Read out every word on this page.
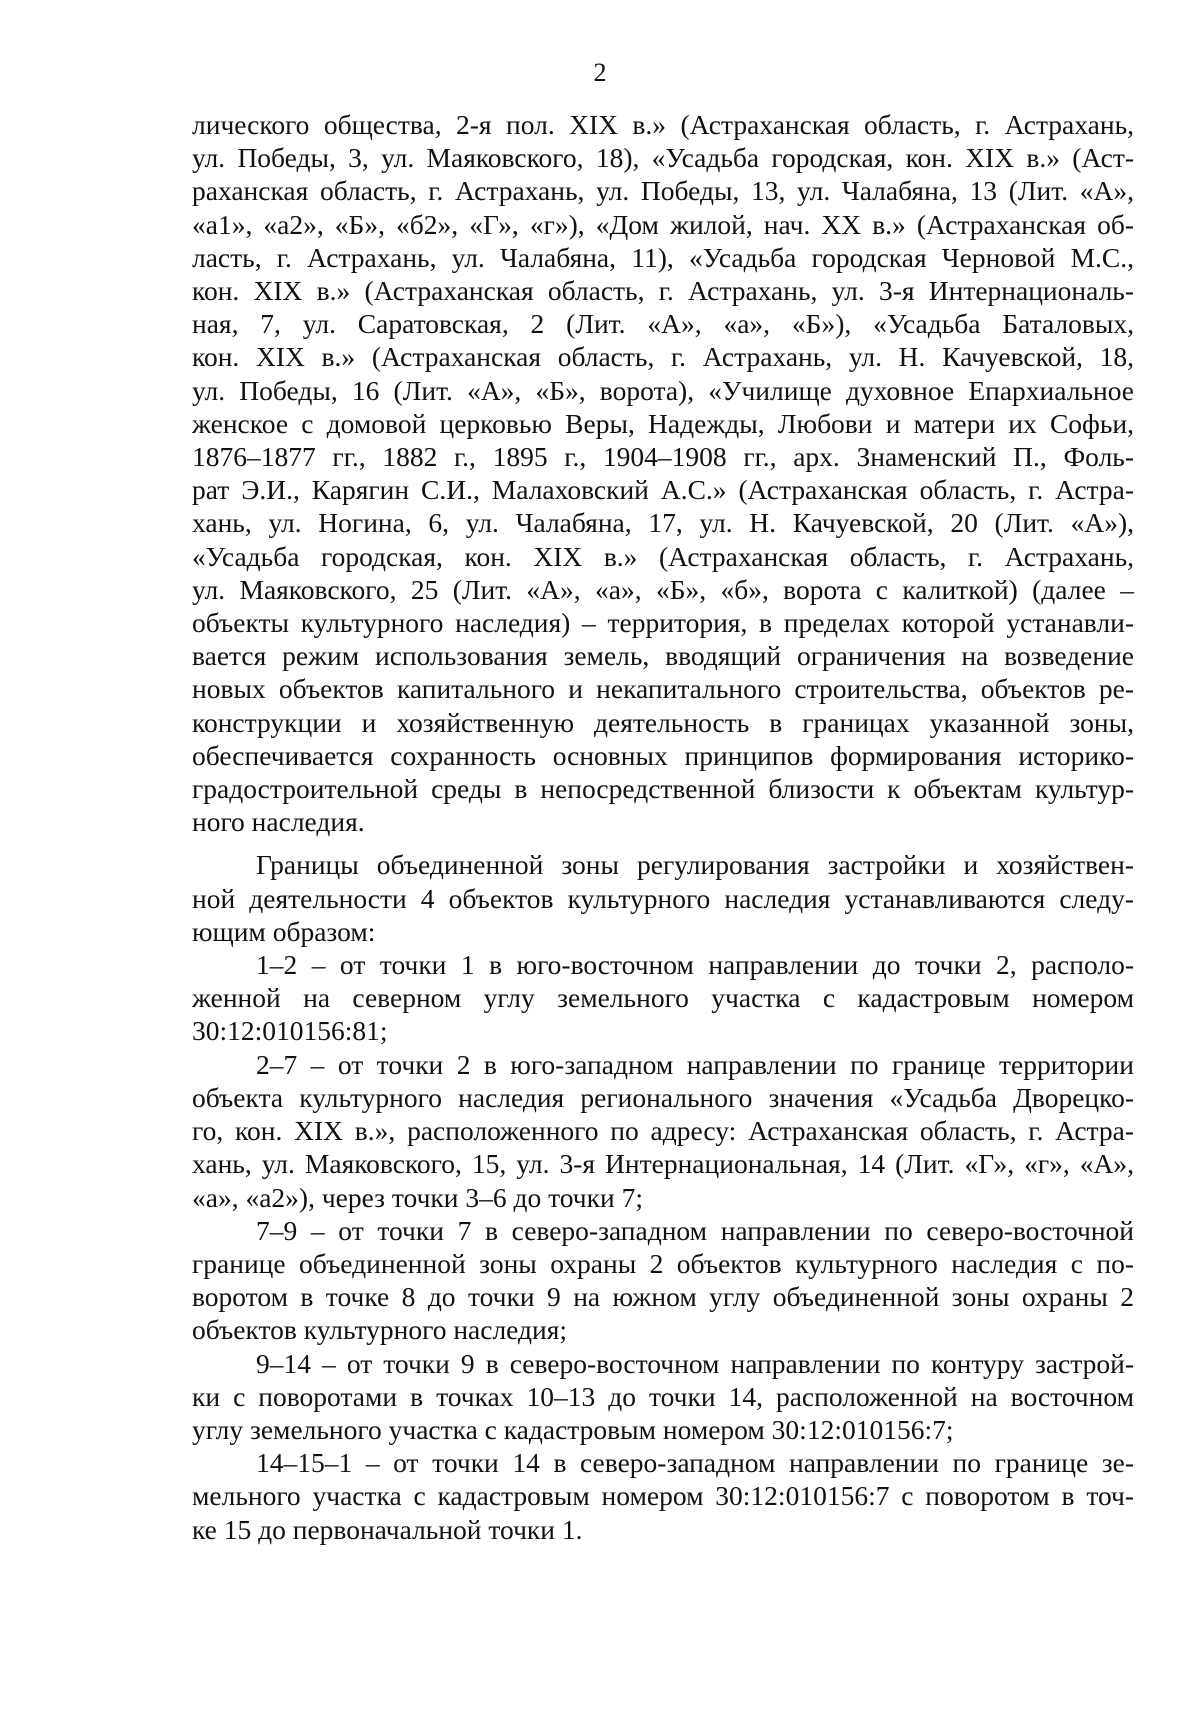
2
лического общества, 2-я пол. XIX в.» (Астраханская область, г. Астрахань,
ул. Победы, 3, ул. Маяковского, 18), «Усадьба городская, кон. XIX в.» (Аст-
раханская область, г. Астрахань, ул. Победы, 13, ул. Чалабяна, 13 (Лит. «А»,
«а1», «а2», «Б», «б2», «Г», «г»), «Дом жилой, нач. XX в.» (Астраханская об-
ласть, г. Астрахань, ул. Чалабяна, 11), «Усадьба городская Черновой М.С.,
кон. XIX в.» (Астраханская область, г. Астрахань, ул. 3-я Интернациональ-
ная, 7, ул. Саратовская, 2 (Лит. «А», «а», «Б»), «Усадьба Баталовых,
кон. XIX в.» (Астраханская область, г. Астрахань, ул. Н. Качуевской, 18,
ул. Победы, 16 (Лит. «А», «Б», ворота), «Училище духовное Епархиальное
женское с домовой церковью Веры, Надежды, Любови и матери их Софьи,
1876–1877 гг., 1882 г., 1895 г., 1904–1908 гг., арх. Знаменский П., Фоль-
рат Э.И., Карягин С.И., Малаховский А.С.» (Астраханская область, г. Астра-
хань, ул. Ногина, 6, ул. Чалабяна, 17, ул. Н. Качуевской, 20 (Лит. «А»),
«Усадьба городская, кон. XIX в.» (Астраханская область, г. Астрахань,
ул. Маяковского, 25 (Лит. «А», «а», «Б», «б», ворота с калиткой) (далее –
объекты культурного наследия) – территория, в пределах которой устанавли-
вается режим использования земель, вводящий ограничения на возведение
новых объектов капитального и некапитального строительства, объектов ре-
конструкции и хозяйственную деятельность в границах указанной зоны,
обеспечивается сохранность основных принципов формирования историко-
градостроительной среды в непосредственной близости к объектам культур-
ного наследия.
Границы объединенной зоны регулирования застройки и хозяйствен-
ной деятельности 4 объектов культурного наследия устанавливаются следу-
ющим образом:
1–2 – от точки 1 в юго-восточном направлении до точки 2, располо-
женной на северном углу земельного участка с кадастровым номером
30:12:010156:81;
2–7 – от точки 2 в юго-западном направлении по границе территории
объекта культурного наследия регионального значения «Усадьба Дворецко-
го, кон. XIX в.», расположенного по адресу: Астраханская область, г. Астра-
хань, ул. Маяковского, 15, ул. 3-я Интернациональная, 14 (Лит. «Г», «г», «А»,
«а», «а2»), через точки 3–6 до точки 7;
7–9 – от точки 7 в северо-западном направлении по северо-восточной
границе объединенной зоны охраны 2 объектов культурного наследия с по-
воротом в точке 8 до точки 9 на южном углу объединенной зоны охраны 2
объектов культурного наследия;
9–14 – от точки 9 в северо-восточном направлении по контуру застрой-
ки с поворотами в точках 10–13 до точки 14, расположенной на восточном
углу земельного участка с кадастровым номером 30:12:010156:7;
14–15–1 – от точки 14 в северо-западном направлении по границе зе-
мельного участка с кадастровым номером 30:12:010156:7 с поворотом в точ-
ке 15 до первоначальной точки 1.
